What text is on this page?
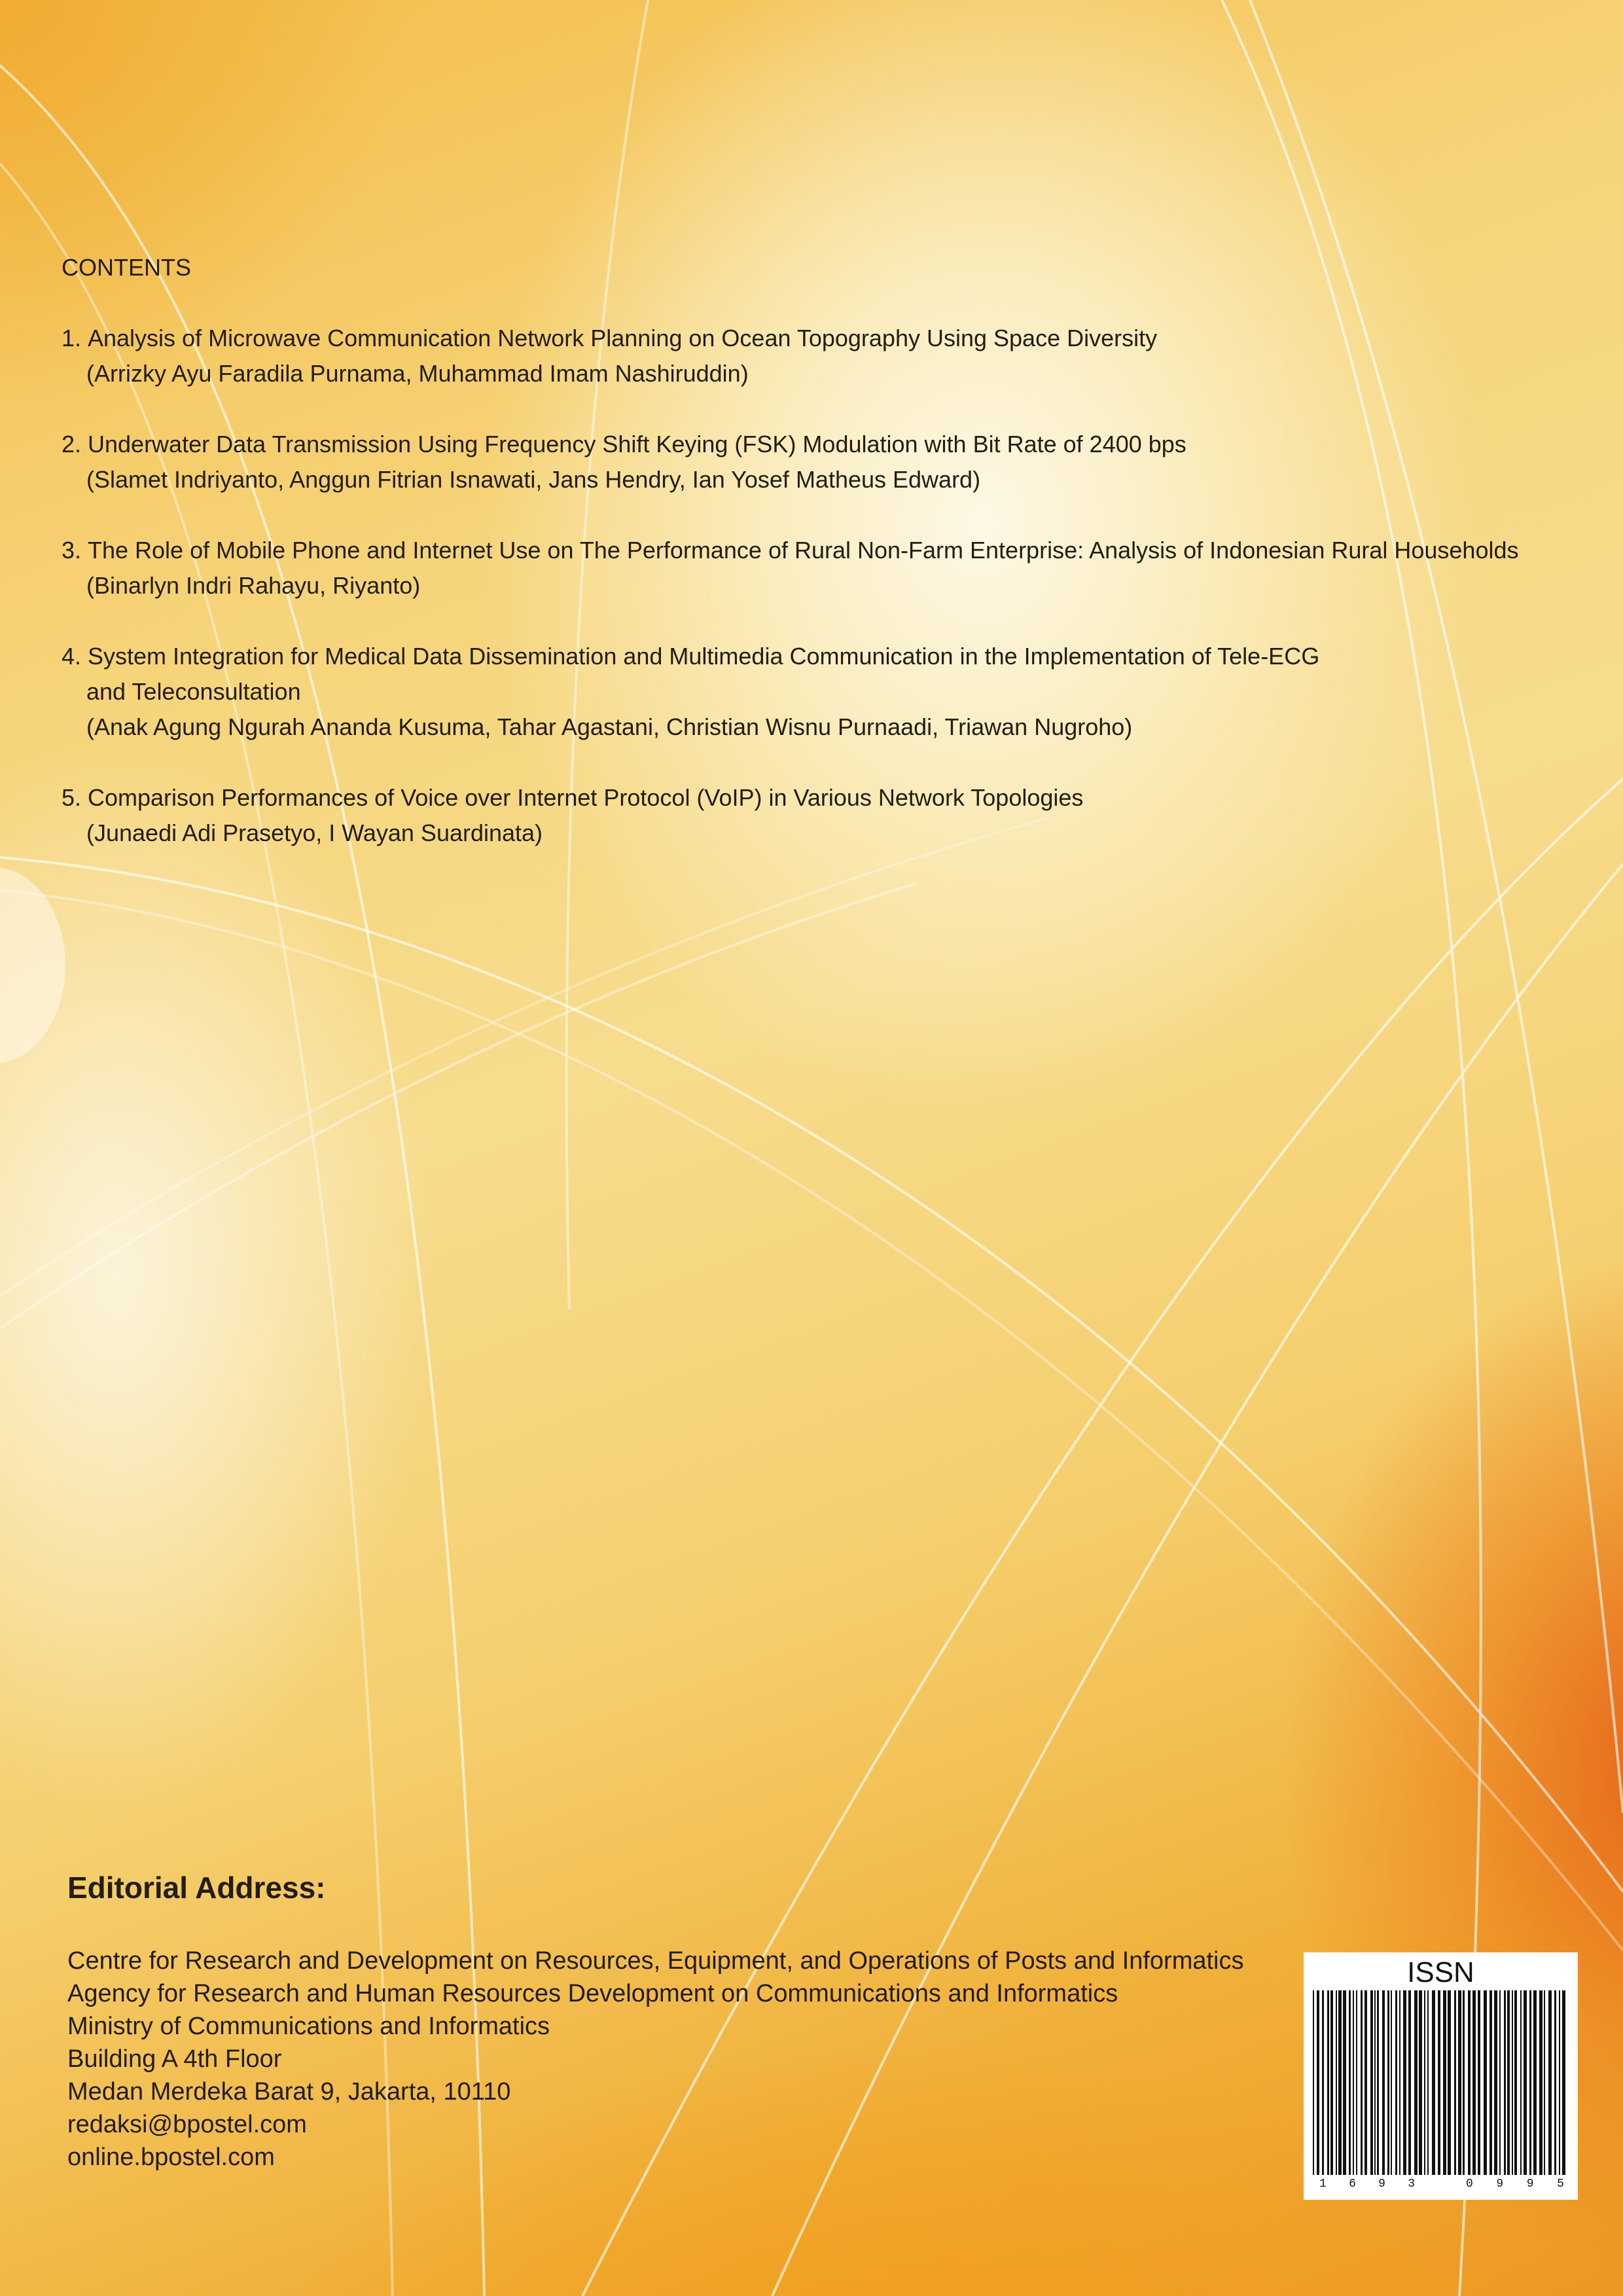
CONTENTS
1. Analysis of Microwave Communication Network Planning on Ocean Topography Using Space Diversity
(Arrizky Ayu Faradila Purnama, Muhammad Imam Nashiruddin)
2. Underwater Data Transmission Using Frequency Shift Keying (FSK) Modulation with Bit Rate of 2400 bps
(Slamet Indriyanto, Anggun Fitrian Isnawati, Jans Hendry, Ian Yosef Matheus Edward)
3. The Role of Mobile Phone and Internet Use on The Performance of Rural Non-Farm Enterprise: Analysis of Indonesian Rural Households
(Binarlyn Indri Rahayu, Riyanto)
4. System Integration for Medical Data Dissemination and Multimedia Communication in the Implementation of Tele-ECG
and Teleconsultation
(Anak Agung Ngurah Ananda Kusuma, Tahar Agastani, Christian Wisnu Purnaadi, Triawan Nugroho)
5. Comparison Performances of Voice over Internet Protocol (VoIP) in Various Network Topologies
(Junaedi Adi Prasetyo, I Wayan Suardinata)
Editorial Address:
Centre for Research and Development on Resources, Equipment, and Operations of Posts and Informatics
Agency for Research and Human Resources Development on Communications and Informatics
Ministry of Communications and Informatics
Building A 4th Floor
Medan Merdeka Barat 9, Jakarta, 10110
redaksi@bpostel.com
online.bpostel.com
ISSN
1 6 9 3	0 9 9 5
